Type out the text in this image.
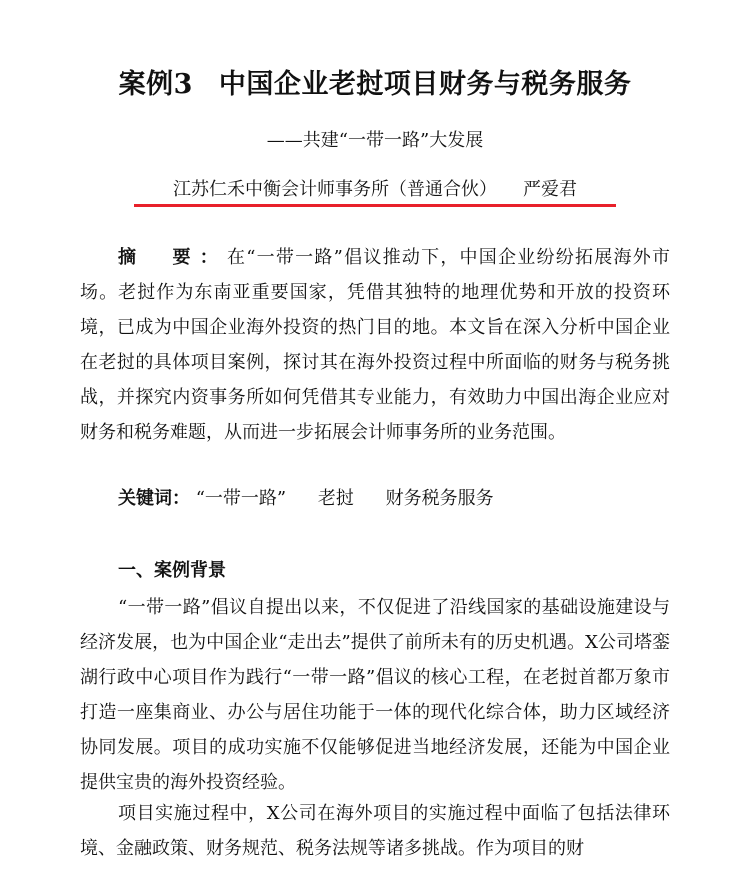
案例3 中国企业老挝项目财务与税务服务
——共建“一带一路”大发展
江苏仁禾中衡会计师事务所（普通合伙） 严爱君

摘　要：在“一带一路”倡议推动下，中国企业纷纷拓展海外市场。老挝作为东南亚重要国家，凭借其独特的地理优势和开放的投资环境，已成为中国企业海外投资的热门目的地。本文旨在深入分析中国企业在老挝的具体项目案例，探讨其在海外投资过程中所面临的财务与税务挑战，并探究内资事务所如何凭借其专业能力，有效助力中国出海企业应对财务和税务难题，从而进一步拓展会计师事务所的业务范围。

关键词： “一带一路” 老挝 财务税务服务
一、案例背景

“一带一路”倡议自提出以来，不仅促进了沿线国家的基础设施建设与经济发展，也为中国企业“走出去”提供了前所未有的历史机遇。X公司塔銮湖行政中心项目作为践行“一带一路”倡议的核心工程，在老挝首都万象市打造一座集商业、办公与居住功能于一体的现代化综合体，助力区域经济协同发展。项目的成功实施不仅能够促进当地经济发展，还能为中国企业提供宝贵的海外投资经验。

项目实施过程中，X公司在海外项目的实施过程中面临了包括法律环境、金融政策、财务规范、税务法规等诸多挑战。作为项目的财
